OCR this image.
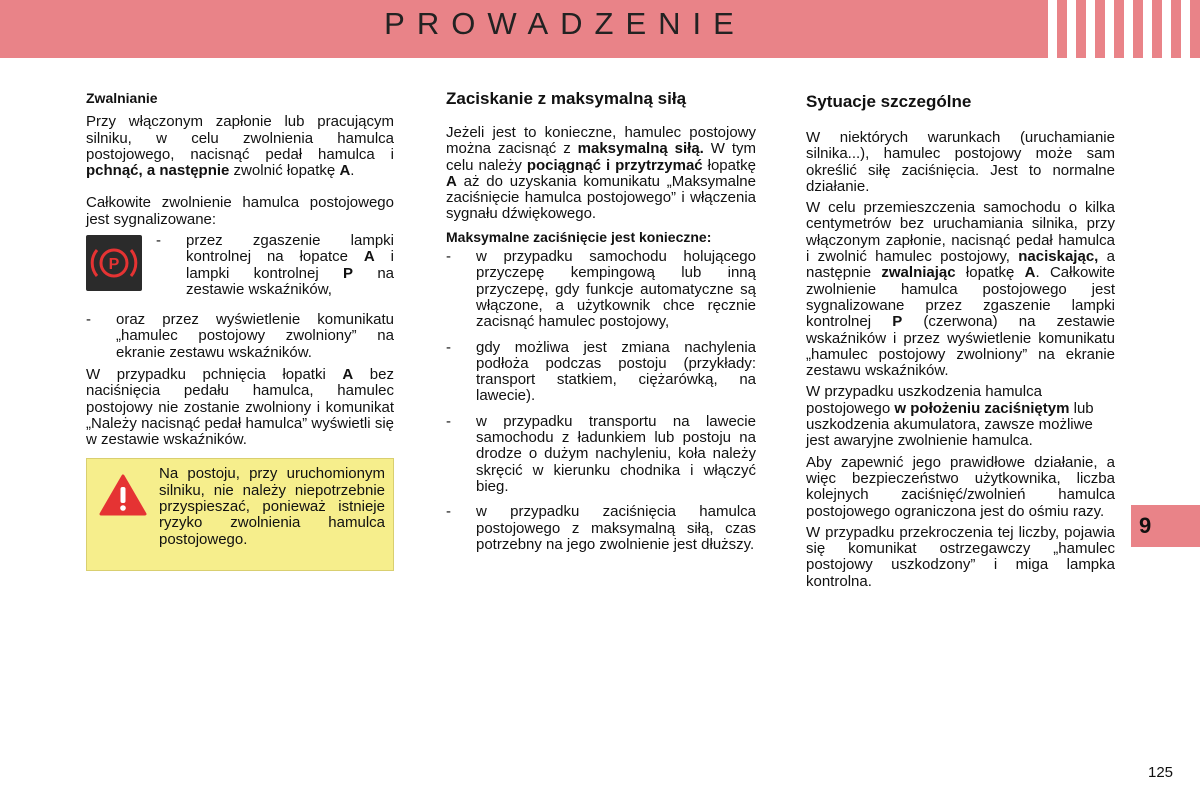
PROWADZENIE
Zwalnianie

Przy włączonym zapłonie lub pracującym silniku, w celu zwolnienia hamulca postojowego, nacisnąć pedał hamulca i pchnąć, a następnie zwolnić łopatkę A.

Całkowite zwolnienie hamulca postojowego jest sygnalizowane:

P
- przez zgaszenie lampki kontrolnej na łopatce A i lampki kontrolnej P na zestawie wskaźników,
- oraz przez wyświetlenie komunikatu „hamulec postojowy zwolniony” na ekranie zestawu wskaźników.

W przypadku pchnięcia łopatki A bez naciśnięcia pedału hamulca, hamulec postojowy nie zostanie zwolniony i komunikat „Należy nacisnąć pedał hamulca” wyświetli się w zestawie wskaźników.

Na postoju, przy uruchomionym silniku, nie należy niepotrzebnie przyspieszać, ponieważ istnieje ryzyko zwolnienia hamulca postojowego.
Zaciskanie z maksymalną siłą

Jeżeli jest to konieczne, hamulec postojowy można zacisnąć z maksymalną siłą. W tym celu należy pociągnąć i przytrzymać łopatkę A aż do uzyskania komunikatu „Maksymalne zaciśnięcie hamulca postojowego” i włączenia sygnału dźwiękowego.

Maksymalne zaciśnięcie jest konieczne:
- w przypadku samochodu holującego przyczepę kempingową lub inną przyczepę, gdy funkcje automatyczne są włączone, a użytkownik chce ręcznie zacisnąć hamulec postojowy,
- gdy możliwa jest zmiana nachylenia podłoża podczas postoju (przykłady: transport statkiem, ciężarówką, na lawecie).
- w przypadku transportu na lawecie samochodu z ładunkiem lub postoju na drodze o dużym nachyleniu, koła należy skręcić w kierunku chodnika i włączyć bieg.
- w przypadku zaciśnięcia hamulca postojowego z maksymalną siłą, czas potrzebny na jego zwolnienie jest dłuższy.
Sytuacje szczególne

W niektórych warunkach (uruchamianie silnika...), hamulec postojowy może sam określić siłę zaciśnięcia. Jest to normalne działanie.

W celu przemieszczenia samochodu o kilka centymetrów bez uruchamiania silnika, przy włączonym zapłonie, nacisnąć pedał hamulca i zwolnić hamulec postojowy, naciskając, a następnie zwalniając łopatkę A. Całkowite zwolnienie hamulca postojowego jest sygnalizowane przez zgaszenie lampki kontrolnej P (czerwona) na zestawie wskaźników i przez wyświetlenie komunikatu „hamulec postojowy zwolniony” na ekranie zestawu wskaźników.

W przypadku uszkodzenia hamulca postojowego w położeniu zaciśniętym lub uszkodzenia akumulatora, zawsze możliwe jest awaryjne zwolnienie hamulca.

Aby zapewnić jego prawidłowe działanie, a więc bezpieczeństwo użytkownika, liczba kolejnych zaciśnięć/zwolnień hamulca postojowego ograniczona jest do ośmiu razy.

W przypadku przekroczenia tej liczby, pojawia się komunikat ostrzegawczy „hamulec postojowy uszkodzony” i miga lampka kontrolna.

9
125
